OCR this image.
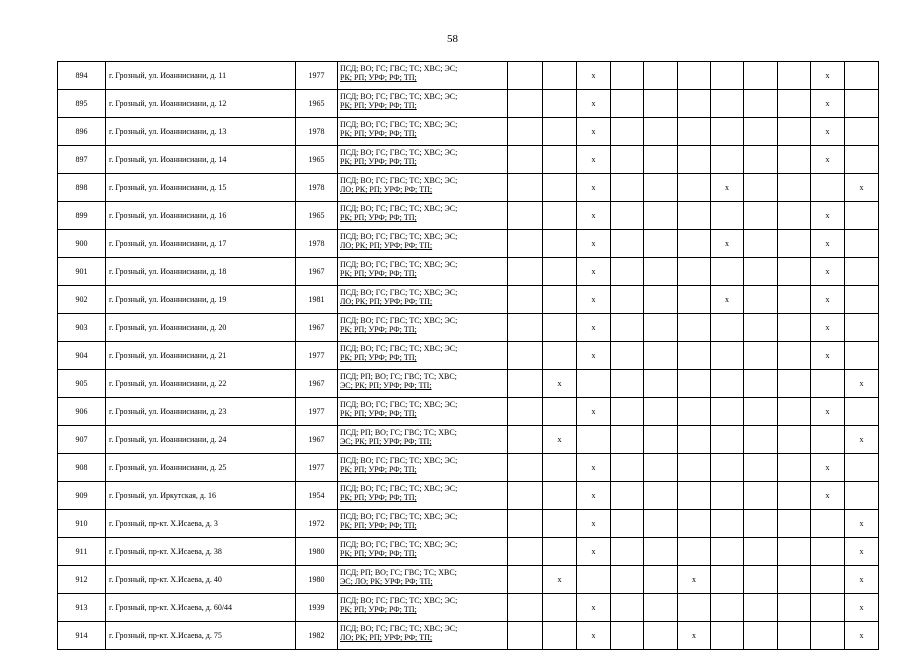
58
894	г. Грозный, ул. Иоаннисиани, д. 11	1977	ПСД; ВО; ГС; ГВС; ТС; ХВС; ЭС;
РК; РП; УРФ; РФ; ТП;			x							x	
895	г. Грозный, ул. Иоаннисиани, д. 12	1965	ПСД; ВО; ГС; ГВС; ТС; ХВС; ЭС;
РК; РП; УРФ; РФ; ТП;			x							x	
896	г. Грозный, ул. Иоаннисиани, д. 13	1978	ПСД; ВО; ГС; ГВС; ТС; ХВС; ЭС;
РК; РП; УРФ; РФ; ТП;			x							x	
897	г. Грозный, ул. Иоаннисиани, д. 14	1965	ПСД; ВО; ГС; ГВС; ТС; ХВС; ЭС;
РК; РП; УРФ; РФ; ТП;			x							x	
898	г. Грозный, ул. Иоаннисиани, д. 15	1978	ПСД; ВО; ГС; ГВС; ТС; ХВС; ЭС;
ЛО; РК; РП; УРФ; РФ; ТП;			x				x				x
899	г. Грозный, ул. Иоаннисиани, д. 16	1965	ПСД; ВО; ГС; ГВС; ТС; ХВС; ЭС;
РК; РП; УРФ; РФ; ТП;			x							x	
900	г. Грозный, ул. Иоаннисиани, д. 17	1978	ПСД; ВО; ГС; ГВС; ТС; ХВС; ЭС;
ЛО; РК; РП; УРФ; РФ; ТП;			x				x			x	
901	г. Грозный, ул. Иоаннисиани, д. 18	1967	ПСД; ВО; ГС; ГВС; ТС; ХВС; ЭС;
РК; РП; УРФ; РФ; ТП;			x							x	
902	г. Грозный, ул. Иоаннисиани, д. 19	1981	ПСД; ВО; ГС; ГВС; ТС; ХВС; ЭС;
ЛО; РК; РП; УРФ; РФ; ТП;			x				x			x	
903	г. Грозный, ул. Иоаннисиани, д. 20	1967	ПСД; ВО; ГС; ГВС; ТС; ХВС; ЭС;
РК; РП; УРФ; РФ; ТП;			x							x	
904	г. Грозный, ул. Иоаннисиани, д. 21	1977	ПСД; ВО; ГС; ГВС; ТС; ХВС; ЭС;
РК; РП; УРФ; РФ; ТП;			x							x	
905	г. Грозный, ул. Иоаннисиани, д. 22	1967	ПСД; РП; ВО; ГС; ГВС; ТС; ХВС;
ЭС; РК; РП; УРФ; РФ; ТП;		x									x
906	г. Грозный, ул. Иоаннисиани, д. 23	1977	ПСД; ВО; ГС; ГВС; ТС; ХВС; ЭС;
РК; РП; УРФ; РФ; ТП;			x							x	
907	г. Грозный, ул. Иоаннисиани, д. 24	1967	ПСД; РП; ВО; ГС; ГВС; ТС; ХВС;
ЭС; РК; РП; УРФ; РФ; ТП;		x									x
908	г. Грозный, ул. Иоаннисиани, д. 25	1977	ПСД; ВО; ГС; ГВС; ТС; ХВС; ЭС;
РК; РП; УРФ; РФ; ТП;			x							x	
909	г. Грозный, ул. Иркутская, д. 16	1954	ПСД; ВО; ГС; ГВС; ТС; ХВС; ЭС;
РК; РП; УРФ; РФ; ТП;			x							x	
910	г. Грозный, пр-кт. Х.Исаева, д. 3	1972	ПСД; ВО; ГС; ГВС; ТС; ХВС; ЭС;
РК; РП; УРФ; РФ; ТП;			x								x
911	г. Грозный, пр-кт. Х.Исаева, д. 38	1980	ПСД; ВО; ГС; ГВС; ТС; ХВС; ЭС;
РК; РП; УРФ; РФ; ТП;			x								x
912	г. Грозный, пр-кт. Х.Исаева, д. 40	1980	ПСД; РП; ВО; ГС; ГВС; ТС; ХВС;
ЭС; ЛО; РК; УРФ; РФ; ТП;		x				x					x
913	г. Грозный, пр-кт. Х.Исаева, д. 60/44	1939	ПСД; ВО; ГС; ГВС; ТС; ХВС; ЭС;
РК; РП; УРФ; РФ; ТП;			x								x
914	г. Грозный, пр-кт. Х.Исаева, д. 75	1982	ПСД; ВО; ГС; ГВС; ТС; ХВС; ЭС;
ЛО; РК; РП; УРФ; РФ; ТП;			x			x					x
